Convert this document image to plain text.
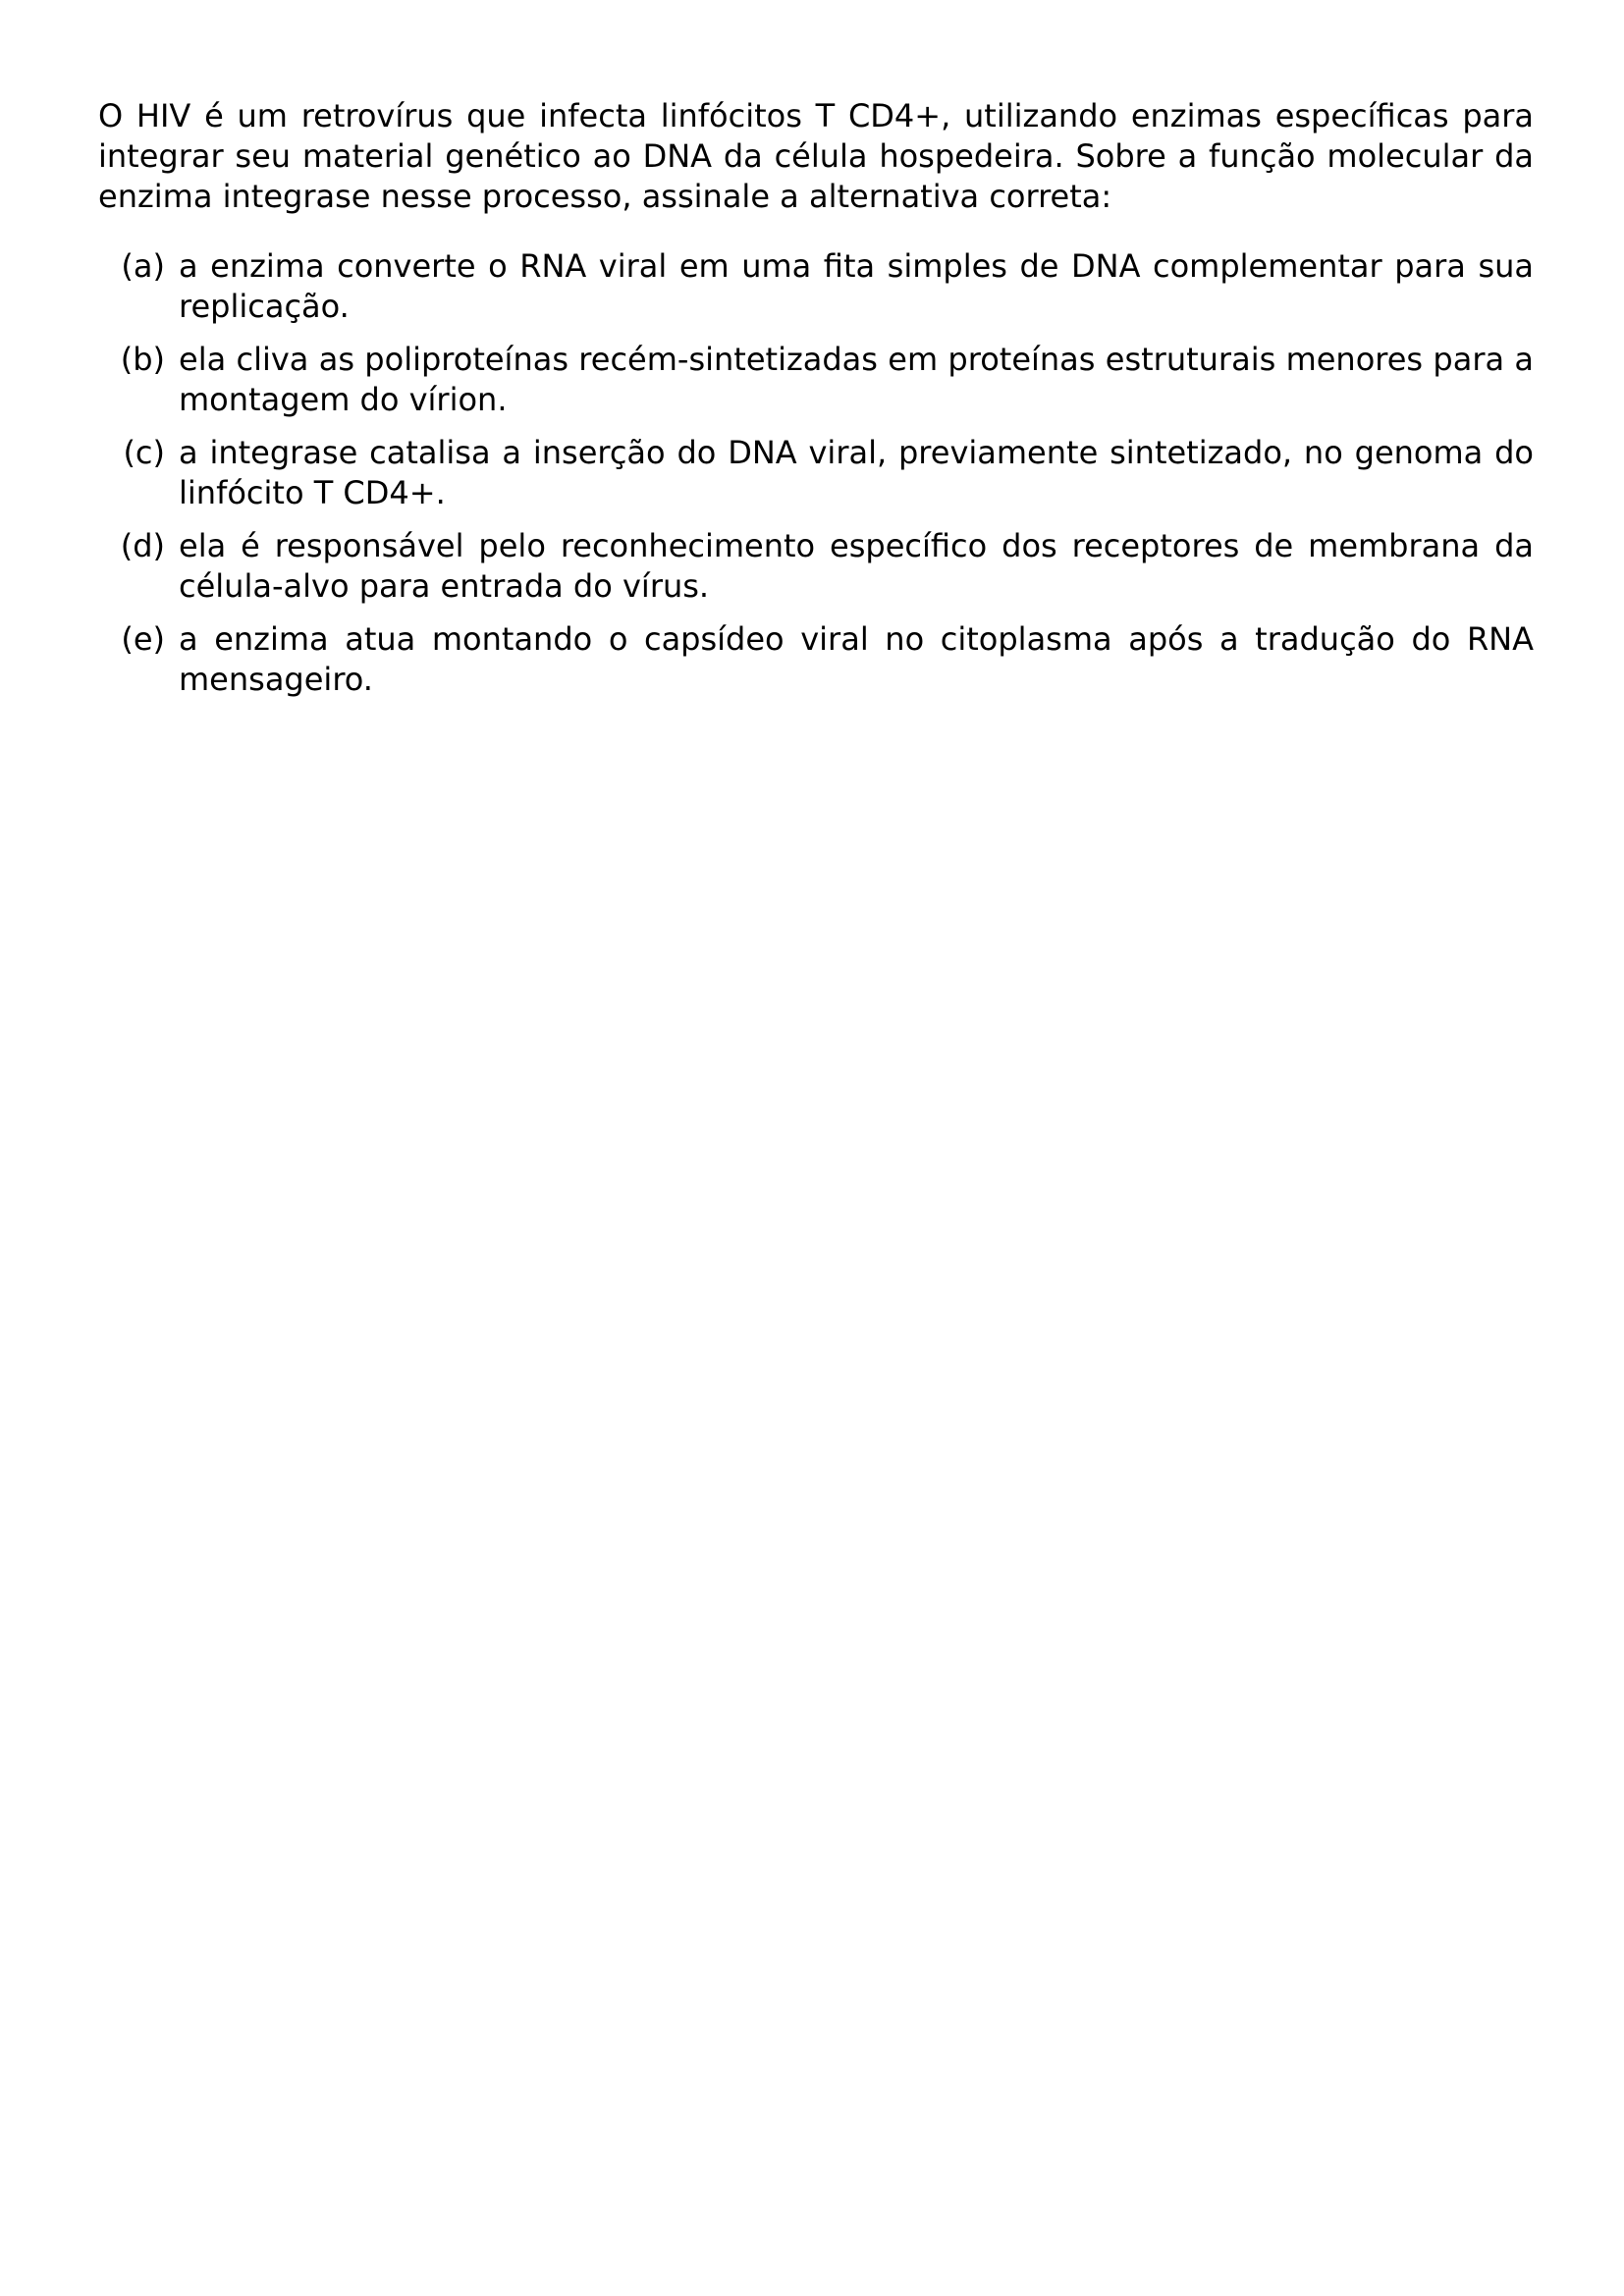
O HIV é um retrovírus que infecta linfócitos T CD4+, utilizando enzimas específicas para integrar seu material genético ao DNA da célula hospedeira. Sobre a função molecular da enzima integrase nesse processo, assinale a alternativa correta:

(a) a enzima converte o RNA viral em uma fita simples de DNA complementar para sua replicação.
(b) ela cliva as poliproteínas recém-sintetizadas em proteínas estruturais menores para a montagem do vírion.
(c) a integrase catalisa a inserção do DNA viral, previamente sintetizado, no genoma do linfócito T CD4+.
(d) ela é responsável pelo reconhecimento específico dos receptores de membrana da célula-alvo para entrada do vírus.
(e) a enzima atua montando o capsídeo viral no citoplasma após a tradução do RNA mensageiro.
